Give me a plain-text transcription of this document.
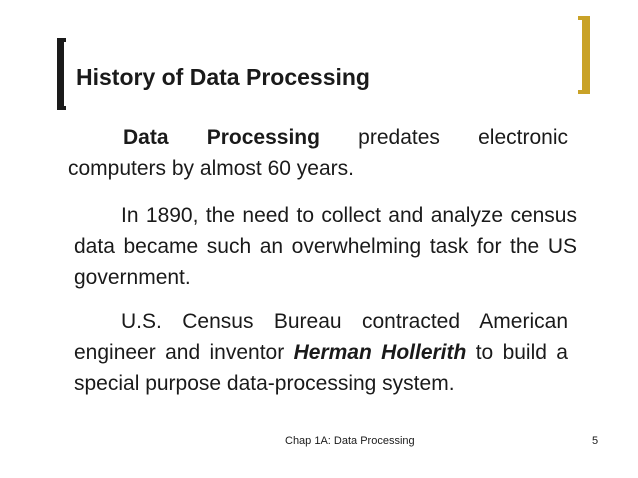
History of Data Processing
Data Processing predates electronic computers by almost 60 years.
In 1890, the need to collect and analyze census data became such an overwhelming task for the US government.
U.S. Census Bureau contracted American engineer and inventor Herman Hollerith to build a special purpose data-processing system.
Chap 1A: Data Processing	5
